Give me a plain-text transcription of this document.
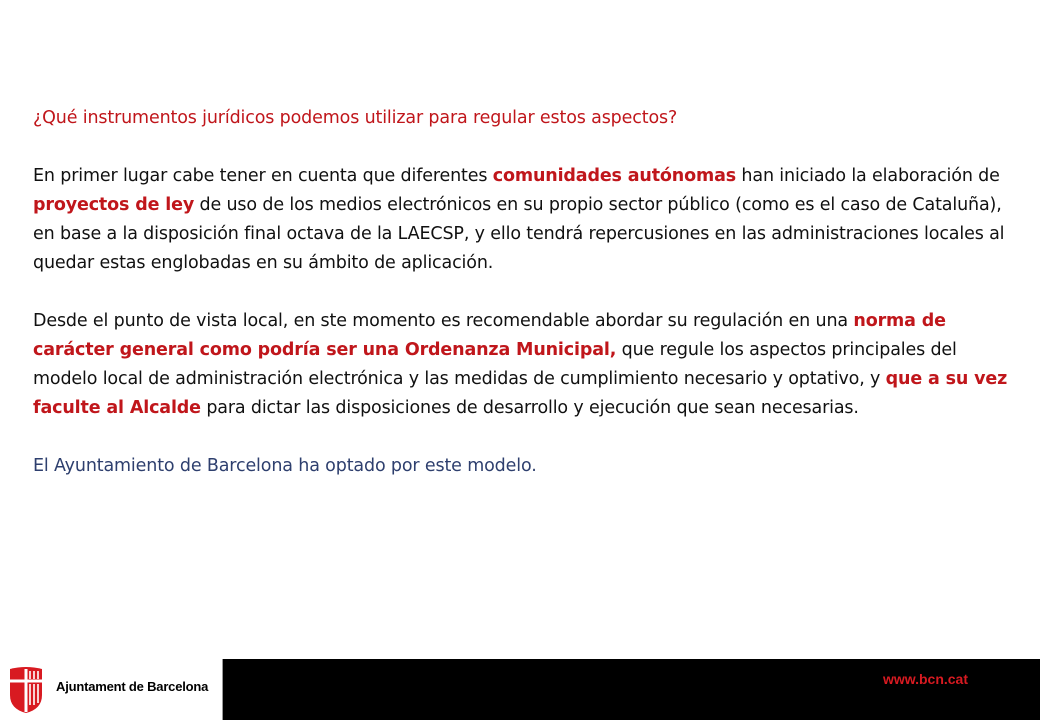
¿Qué instrumentos jurídicos podemos utilizar para regular estos aspectos?

En primer lugar cabe tener en cuenta que diferentes comunidades autónomas han iniciado la elaboración de proyectos de ley de uso de los medios electrónicos en su propio sector público (como es el caso de Cataluña), en base a la disposición final octava de la LAECSP, y ello tendrá repercusiones en las administraciones locales al quedar estas englobadas en su ámbito de aplicación.

Desde el punto de vista local, en ste momento es recomendable abordar su regulación en una norma de carácter general como podría ser una Ordenanza Municipal, que regule los aspectos principales del modelo local de administración electrónica y las medidas de cumplimiento necesario y optativo, y que a su vez faculte al Alcalde para dictar las disposiciones de desarrollo y ejecución que sean necesarias.

El Ayuntamiento de Barcelona ha optado por este modelo.

Ajuntament de Barcelona	www.bcn.cat
